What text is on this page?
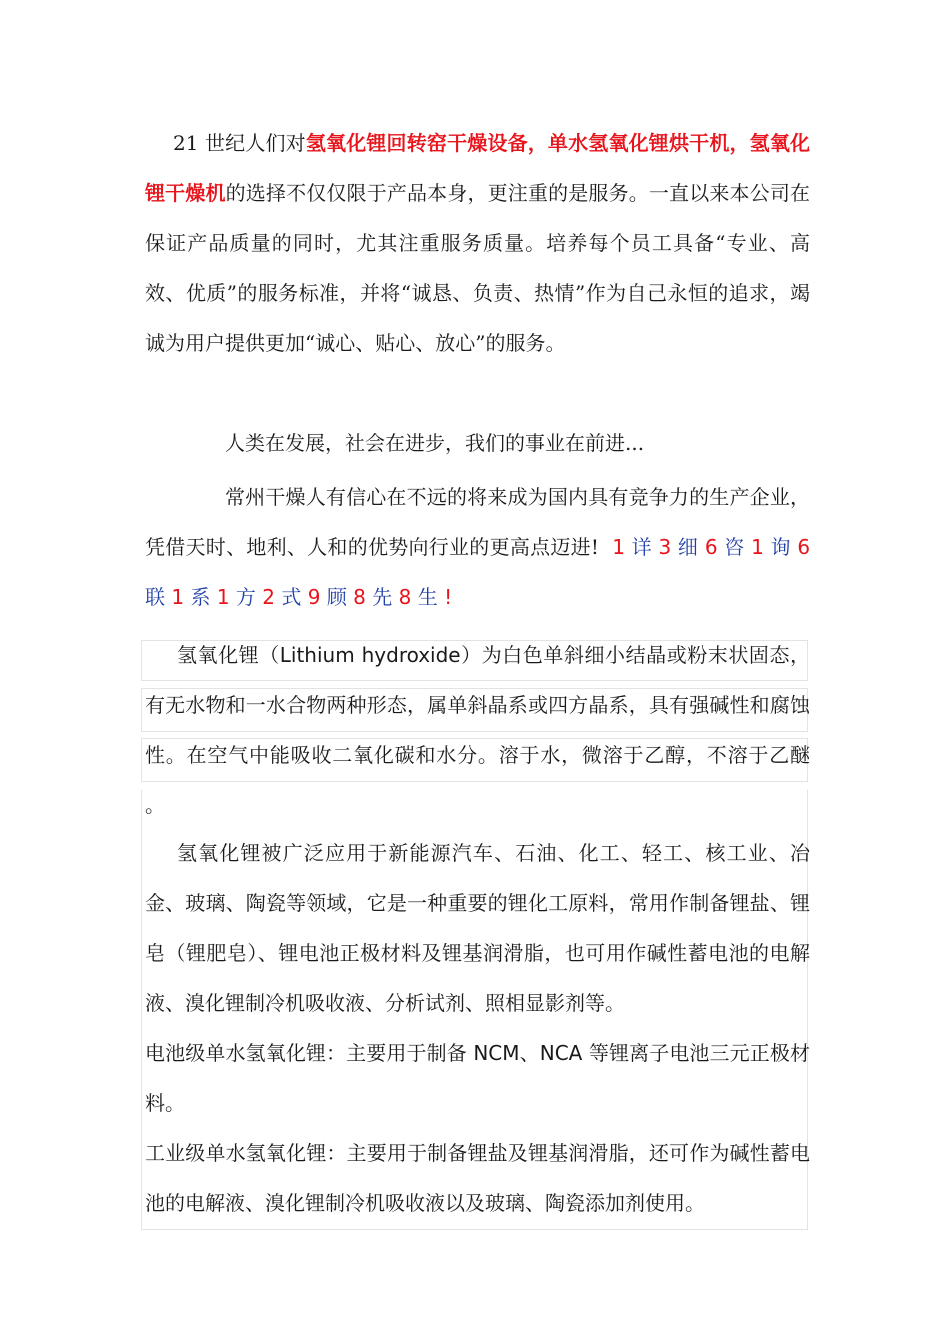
21 世纪人们对氢氧化锂回转窑干燥设备，单水氢氧化锂烘干机，氢氧化锂干燥机的选择不仅仅限于产品本身，更注重的是服务。一直以来本公司在保证产品质量的同时，尤其注重服务质量。培养每个员工具备“专业、高效、优质”的服务标准，并将“诚恳、负责、热情”作为自己永恒的追求，竭诚为用户提供更加“诚心、贴心、放心”的服务。

人类在发展，社会在进步，我们的事业在前进...

常州干燥人有信心在不远的将来成为国内具有竞争力的生产企业，凭借天时、地利、人和的优势向行业的更高点迈进! 1 详 3 细 6 咨 1 询 6 联 1 系 1 方 2 式 9 顾 8 先 8 生 !

氢氧化锂（Lithium hydroxide）为白色单斜细小结晶或粉末状固态，有无水物和一水合物两种形态，属单斜晶系或四方晶系，具有强碱性和腐蚀性。在空气中能吸收二氧化碳和水分。溶于水，微溶于乙醇，不溶于乙醚 。

氢氧化锂被广泛应用于新能源汽车、石油、化工、轻工、核工业、冶金、玻璃、陶瓷等领域，它是一种重要的锂化工原料，常用作制备锂盐、锂皂（锂肥皂）、锂电池正极材料及锂基润滑脂，也可用作碱性蓄电池的电解液、溴化锂制冷机吸收液、分析试剂、照相显影剂等。

电池级单水氢氧化锂：主要用于制备 NCM、NCA 等锂离子电池三元正极材料。

工业级单水氢氧化锂：主要用于制备锂盐及锂基润滑脂，还可作为碱性蓄电池的电解液、溴化锂制冷机吸收液以及玻璃、陶瓷添加剂使用。
